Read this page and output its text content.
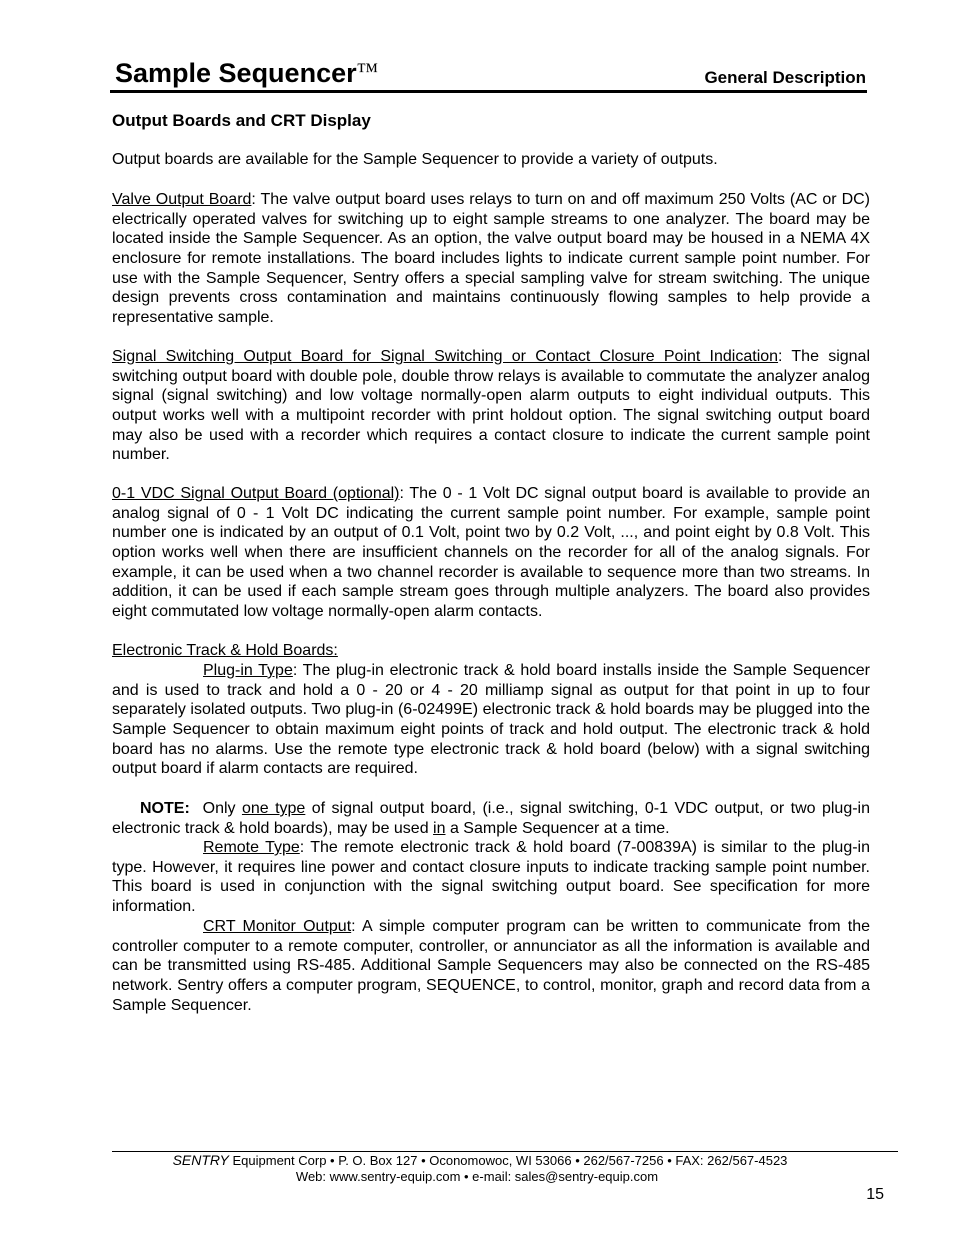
Sample Sequencer™	General Description
Output Boards and CRT Display
Output boards are available for the Sample Sequencer to provide a variety of outputs.
Valve Output Board: The valve output board uses relays to turn on and off maximum 250 Volts (AC or DC) electrically operated valves for switching up to eight sample streams to one analyzer. The board may be located inside the Sample Sequencer. As an option, the valve output board may be housed in a NEMA 4X enclosure for remote installations. The board includes lights to indicate current sample point number. For use with the Sample Sequencer, Sentry offers a special sampling valve for stream switching. The unique design prevents cross contamination and maintains continuously flowing samples to help provide a representative sample.
Signal Switching Output Board for Signal Switching or Contact Closure Point Indication: The signal switching output board with double pole, double throw relays is available to commutate the analyzer analog signal (signal switching) and low voltage normally-open alarm outputs to eight individual outputs. This output works well with a multipoint recorder with print holdout option. The signal switching output board may also be used with a recorder which requires a contact closure to indicate the current sample point number.
0-1 VDC Signal Output Board (optional): The 0 - 1 Volt DC signal output board is available to provide an analog signal of 0 - 1 Volt DC indicating the current sample point number. For example, sample point number one is indicated by an output of 0.1 Volt, point two by 0.2 Volt, ..., and point eight by 0.8 Volt. This option works well when there are insufficient channels on the recorder for all of the analog signals. For example, it can be used when a two channel recorder is available to sequence more than two streams. In addition, it can be used if each sample stream goes through multiple analyzers. The board also provides eight commutated low voltage normally-open alarm contacts.
Electronic Track & Hold Boards:
Plug-in Type: The plug-in electronic track & hold board installs inside the Sample Sequencer and is used to track and hold a 0 - 20 or 4 - 20 milliamp signal as output for that point in up to four separately isolated outputs. Two plug-in (6-02499E) electronic track & hold boards may be plugged into the Sample Sequencer to obtain maximum eight points of track and hold output. The electronic track & hold board has no alarms. Use the remote type electronic track & hold board (below) with a signal switching output board if alarm contacts are required.
NOTE:  Only one type of signal output board, (i.e., signal switching, 0-1 VDC output, or two plug-in electronic track & hold boards), may be used in a Sample Sequencer at a time.
Remote Type: The remote electronic track & hold board (7-00839A) is similar to the plug-in type. However, it requires line power and contact closure inputs to indicate tracking sample point number. This board is used in conjunction with the signal switching output board. See specification for more information.
CRT Monitor Output: A simple computer program can be written to communicate from the controller computer to a remote computer, controller, or annunciator as all the information is available and can be transmitted using RS-485. Additional Sample Sequencers may also be connected on the RS-485 network. Sentry offers a computer program, SEQUENCE, to control, monitor, graph and record data from a Sample Sequencer.
SENTRY Equipment Corp • P. O. Box 127 • Oconomowoc, WI 53066 • 262/567-7256 • FAX: 262/567-4523
Web: www.sentry-equip.com • e-mail: sales@sentry-equip.com
15
